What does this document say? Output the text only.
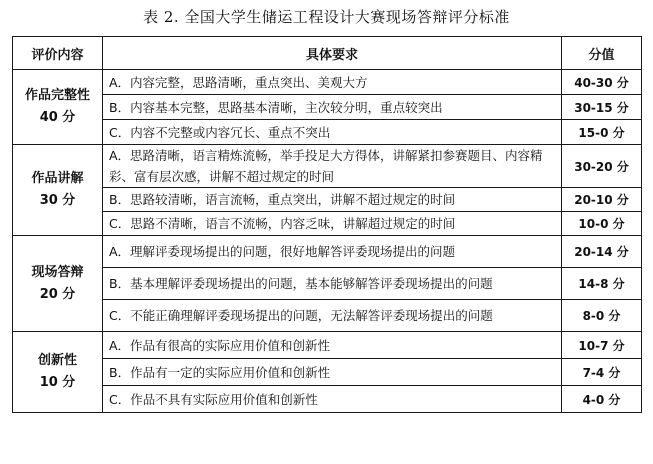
表 2. 全国大学生储运工程设计大赛现场答辩评分标准
评价内容	具体要求	分值

作品完整性
40 分	A．内容完整，思路清晰，重点突出、美观大方	40-30 分
	B．内容基本完整，思路基本清晰，主次较分明，重点较突出	30-15 分
	C．内容不完整或内容冗长、重点不突出	15-0 分

作品讲解
30 分	A．思路清晰，语言精炼流畅，举手投足大方得体，讲解紧扣参赛题目、内容精彩、富有层次感，讲解不超过规定的时间	30-20 分
	B．思路较清晰，语言流畅，重点突出，讲解不超过规定的时间	20-10 分
	C．思路不清晰，语言不流畅，内容乏味，讲解超过规定的时间	10-0 分

现场答辩
20 分	A．理解评委现场提出的问题，很好地解答评委现场提出的问题	20-14 分
	B．基本理解评委现场提出的问题，基本能够解答评委现场提出的问题	14-8 分
	C．不能正确理解评委现场提出的问题，无法解答评委现场提出的问题	8-0 分

创新性
10 分	A．作品有很高的实际应用价值和创新性	10-7 分
	B．作品有一定的实际应用价值和创新性	7-4 分
	C．作品不具有实际应用价值和创新性	4-0 分
